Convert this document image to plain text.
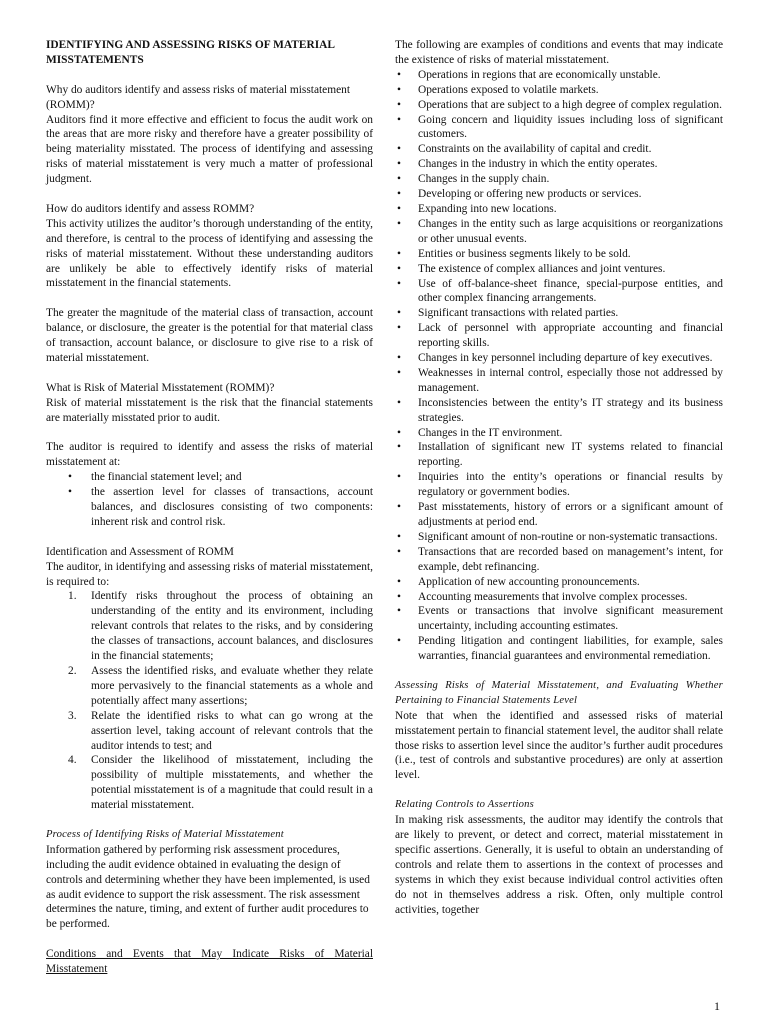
IDENTIFYING AND ASSESSING RISKS OF MATERIAL MISSTATEMENTS

Why do auditors identify and assess risks of material misstatement (ROMM)?

Auditors find it more effective and efficient to focus the audit work on the areas that are more risky and therefore have a greater possibility of being materiality misstated. The process of identifying and assessing risks of material misstatement is very much a matter of professional judgment.

How do auditors identify and assess ROMM?

This activity utilizes the auditor’s thorough understanding of the entity, and therefore, is central to the process of identifying and assessing the risks of material misstatement. Without these understanding auditors are unlikely be able to effectively identify risks of material misstatement in the financial statements.

The greater the magnitude of the material class of transaction, account balance, or disclosure, the greater is the potential for that material class of transaction, account balance, or disclosure to give rise to a risk of material misstatement.

What is Risk of Material Misstatement (ROMM)?

Risk of material misstatement is the risk that the financial statements are materially misstated prior to audit.

The auditor is required to identify and assess the risks of material misstatement at:

• the financial statement level; and
• the assertion level for classes of transactions, account balances, and disclosures consisting of two components: inherent risk and control risk.

Identification and Assessment of ROMM

The auditor, in identifying and assessing risks of material misstatement, is required to:

1. Identify risks throughout the process of obtaining an understanding of the entity and its environment, including relevant controls that relates to the risks, and by considering the classes of transactions, account balances, and disclosures in the financial statements;
2. Assess the identified risks, and evaluate whether they relate more pervasively to the financial statements as a whole and potentially affect many assertions;
3. Relate the identified risks to what can go wrong at the assertion level, taking account of relevant controls that the auditor intends to test; and
4. Consider the likelihood of misstatement, including the possibility of multiple misstatements, and whether the potential misstatement is of a magnitude that could result in a material misstatement.

Process of Identifying Risks of Material Misstatement

Information gathered by performing risk assessment procedures, including the audit evidence obtained in evaluating the design of controls and determining whether they have been implemented, is used as audit evidence to support the risk assessment. The risk assessment determines the nature, timing, and extent of further audit procedures to be performed.

Conditions and Events that May Indicate Risks of Material Misstatement

The following are examples of conditions and events that may indicate the existence of risks of material misstatement.

• Operations in regions that are economically unstable.
• Operations exposed to volatile markets.
• Operations that are subject to a high degree of complex regulation.
• Going concern and liquidity issues including loss of significant customers.
• Constraints on the availability of capital and credit.
• Changes in the industry in which the entity operates.
• Changes in the supply chain.
• Developing or offering new products or services.
• Expanding into new locations.
• Changes in the entity such as large acquisitions or reorganizations or other unusual events.
• Entities or business segments likely to be sold.
• The existence of complex alliances and joint ventures.
• Use of off-balance-sheet finance, special-purpose entities, and other complex financing arrangements.
• Significant transactions with related parties.
• Lack of personnel with appropriate accounting and financial reporting skills.
• Changes in key personnel including departure of key executives.
• Weaknesses in internal control, especially those not addressed by management.
• Inconsistencies between the entity’s IT strategy and its business strategies.
• Changes in the IT environment.
• Installation of significant new IT systems related to financial reporting.
• Inquiries into the entity’s operations or financial results by regulatory or government bodies.
• Past misstatements, history of errors or a significant amount of adjustments at period end.
• Significant amount of non-routine or non-systematic transactions.
• Transactions that are recorded based on management’s intent, for example, debt refinancing.
• Application of new accounting pronouncements.
• Accounting measurements that involve complex processes.
• Events or transactions that involve significant measurement uncertainty, including accounting estimates.
• Pending litigation and contingent liabilities, for example, sales warranties, financial guarantees and environmental remediation.

Assessing Risks of Material Misstatement, and Evaluating Whether Pertaining to Financial Statements Level

Note that when the identified and assessed risks of material misstatement pertain to financial statement level, the auditor shall relate those risks to assertion level since the auditor’s further audit procedures (i.e., test of controls and substantive procedures) are only at assertion level.

Relating Controls to Assertions

In making risk assessments, the auditor may identify the controls that are likely to prevent, or detect and correct, material misstatement in specific assertions. Generally, it is useful to obtain an understanding of controls and relate them to assertions in the context of processes and systems in which they exist because individual control activities often do not in themselves address a risk. Often, only multiple control activities, together

1
